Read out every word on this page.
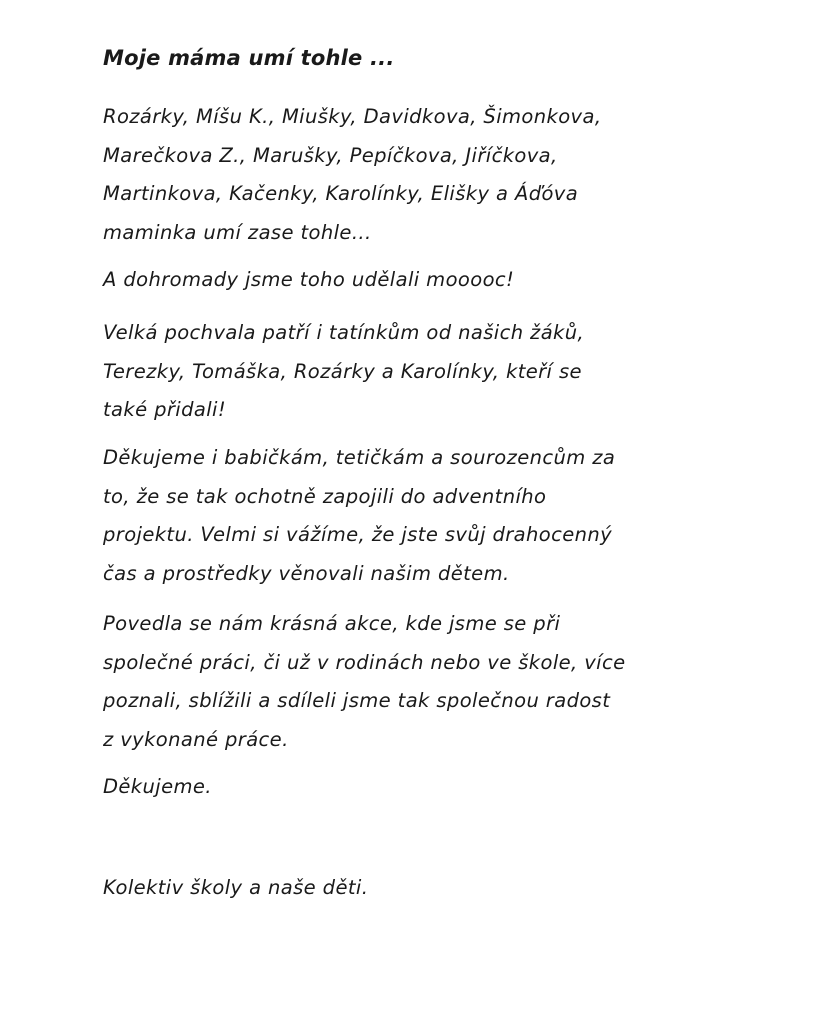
Moje máma umí tohle ...
Rozárky, Míšu K., Miušky, Davidkova, Šimonkova,
Marečkova Z., Marušky, Pepíčkova, Jiříčkova,
Martinkova, Kačenky, Karolínky, Elišky a Áďóva
maminka umí zase tohle...
A dohromady jsme toho udělali mooooc!
Velká pochvala patří i tatínkům od našich žáků,
Terezky, Tomáška, Rozárky a Karolínky, kteří se
také přidali!
Děkujeme i babičkám, tetičkám a sourozencům za
to, že se tak ochotně zapojili do adventního
projektu. Velmi si vážíme, že jste svůj drahocenný
čas a prostředky věnovali našim dětem.
Povedla se nám krásná akce, kde jsme se při
společné práci, či už v rodinách nebo ve škole, více
poznali, sblížili a sdíleli jsme tak společnou radost
z vykonané práce.
Děkujeme.
Kolektiv školy a naše děti.
